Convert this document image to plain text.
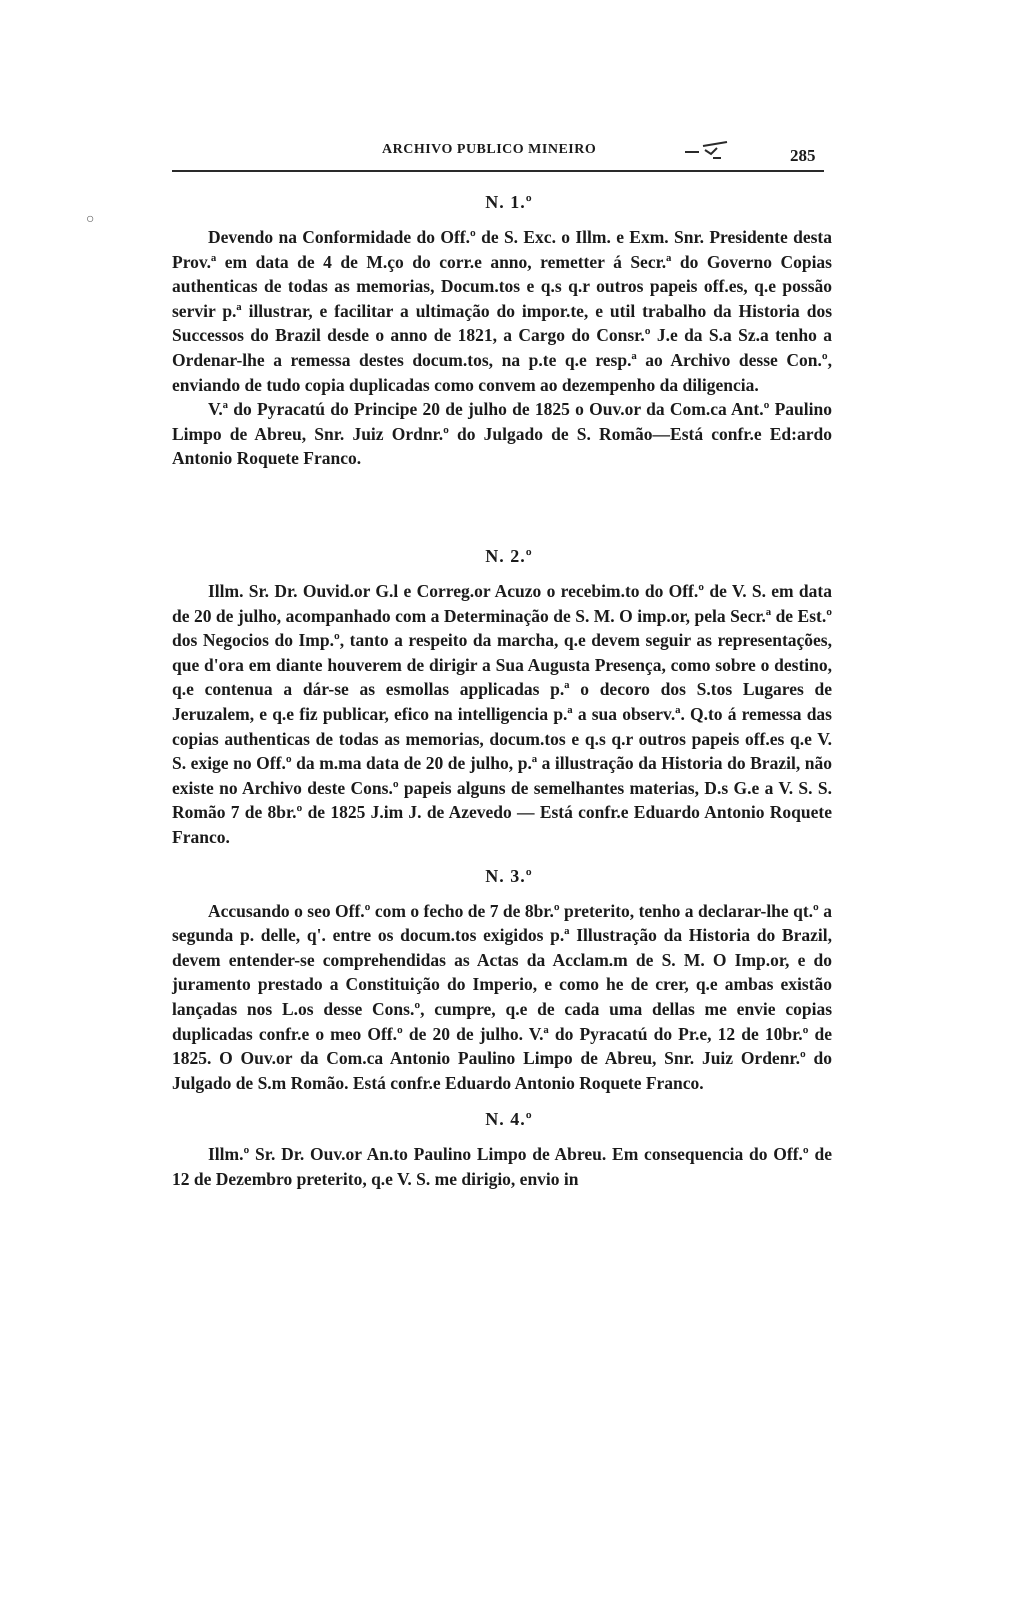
ARCHIVO PUBLICO MINEIRO	285
○
N. 1.º

Devendo na Conformidade do Off.º de S. Exc. o Illm. e Exm. Snr. Presidente desta Prov.ª em data de 4 de M.ço do corr.e anno, remetter á Secr.ª do Governo Copias authenticas de todas as memorias, Docum.tos e q.s q.r outros papeis off.es, q.e possão servir p.ª illustrar, e facilitar a ultimação do impor.te, e util trabalho da Historia dos Successos do Brazil desde o anno de 1821, a Cargo do Consr.º J.e da S.a Sz.a tenho a Ordenar-lhe a remessa destes docum.tos, na p.te q.e resp.ª ao Archivo desse Con.º, enviando de tudo copia duplicadas como convem ao dezempenho da diligencia.

V.ª do Pyracatú do Principe 20 de julho de 1825 o Ouv.or da Com.ca Ant.º Paulino Limpo de Abreu, Snr. Juiz Ordnr.º do Julgado de S. Romão—Está confr.e Ed:ardo Antonio Roquete Franco.

N. 2.º

Illm. Sr. Dr. Ouvid.or G.l e Correg.or Acuzo o recebim.to do Off.º de V. S. em data de 20 de julho, acompanhado com a Determinação de S. M. O imp.or, pela Secr.ª de Est.º dos Negocios do Imp.º, tanto a respeito da marcha, q.e devem seguir as representações, que d'ora em diante houverem de dirigir a Sua Augusta Presença, como sobre o destino, q.e contenua a dár-se as esmollas applicadas p.ª o decoro dos S.tos Lugares de Jeruzalem, e q.e fiz publicar, efico na intelligencia p.ª a sua observ.ª. Q.to á remessa das copias authenticas de todas as memorias, docum.tos e q.s q.r outros papeis off.es q.e V. S. exige no Off.º da m.ma data de 20 de julho, p.ª a illustração da Historia do Brazil, não existe no Archivo deste Cons.º papeis alguns de semelhantes materias, D.s G.e a V. S. S. Romão 7 de 8br.º de 1825 J.im J. de Azevedo — Está confr.e Eduardo Antonio Roquete Franco.

N. 3.º

Accusando o seo Off.º com o fecho de 7 de 8br.º preterito, tenho a declarar-lhe qt.º a segunda p. delle, q'. entre os docum.tos exigidos p.ª Illustração da Historia do Brazil, devem entender-se comprehendidas as Actas da Acclam.m de S. M. O Imp.or, e do juramento prestado a Constituição do Imperio, e como he de crer, q.e ambas existão lançadas nos L.os desse Cons.º, cumpre, q.e de cada uma dellas me envie copias duplicadas confr.e o meo Off.º de 20 de julho. V.ª do Pyracatú do Pr.e, 12 de 10br.º de 1825. O Ouv.or da Com.ca Antonio Paulino Limpo de Abreu, Snr. Juiz Ordenr.º do Julgado de S.m Romão. Está confr.e Eduardo Antonio Roquete Franco.

N. 4.º

Illm.º Sr. Dr. Ouv.or An.to Paulino Limpo de Abreu. Em consequencia do Off.º de 12 de Dezembro preterito, q.e V. S. me dirigio, envio in
